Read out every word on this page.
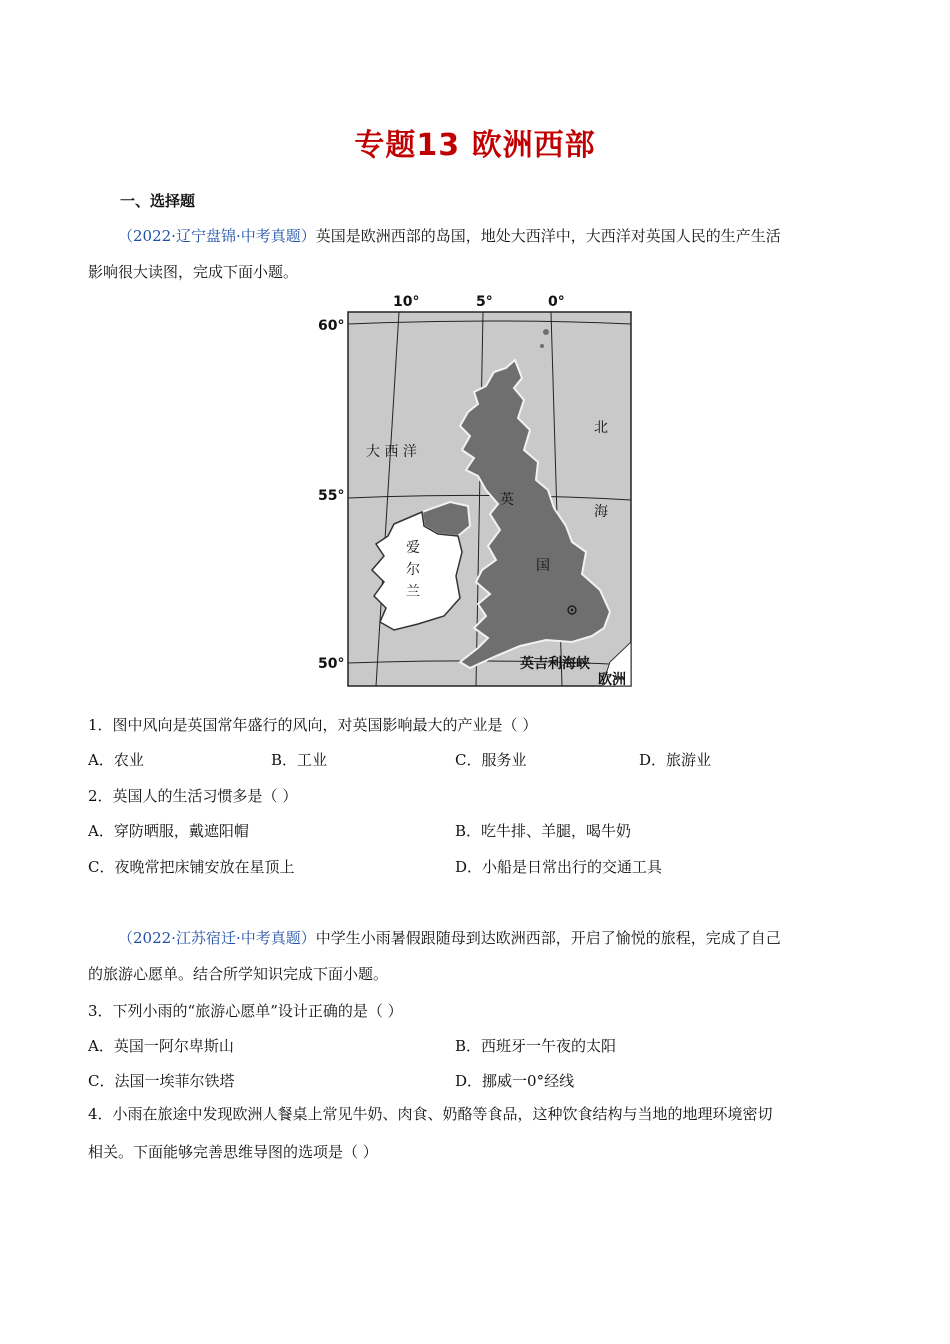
专题13 欧洲西部
一、选择题
（2022·辽宁盘锦·中考真题）英国是欧洲西部的岛国，地处大西洋中，大西洋对英国人民的生产生活
影响很大读图，完成下面小题。
10°	5°	0°
60°
55°
50°
大 西 洋
北
海
英
国
爱
尔
兰
英吉利海峡
欧洲
1．图中风向是英国常年盛行的风向，对英国影响最大的产业是（ ）
A．农业	B．工业	C．服务业	D．旅游业
2．英国人的生活习惯多是（ ）
A．穿防晒服，戴遮阳帽	B．吃牛排、羊腿，喝牛奶
C．夜晚常把床铺安放在星顶上	D．小船是日常出行的交通工具
（2022·江苏宿迁·中考真题）中学生小雨暑假跟随母到达欧洲西部，开启了愉悦的旅程，完成了自己
的旅游心愿单。结合所学知识完成下面小题。
3．下列小雨的“旅游心愿单”设计正确的是（ ）
A．英国一阿尔卑斯山	B．西班牙一午夜的太阳
C．法国一埃菲尔铁塔	D．挪威一0°经线
4．小雨在旅途中发现欧洲人餐桌上常见牛奶、肉食、奶酪等食品，这种饮食结构与当地的地理环境密切
相关。下面能够完善思维导图的选项是（ ）
